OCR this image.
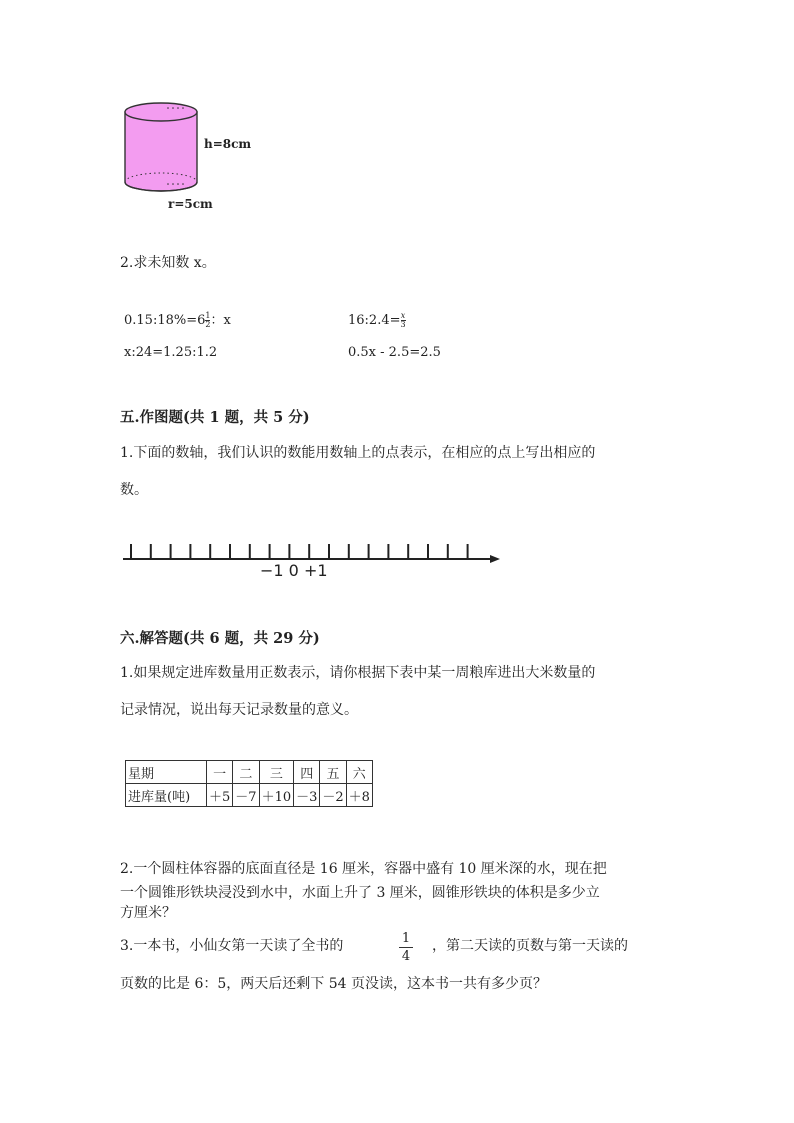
h=8cm
r=5cm
2.求未知数 x。
0.15:18%=6 $\frac{1}{2}$ ：x	16:2.4= $\frac{x}{3}$
x:24=1.25:1.2	0.5x - 2.5=2.5
五.作图题(共 1 题，共 5 分)
1.下面的数轴，我们认识的数能用数轴上的点表示，在相应的点上写出相应的
数。
−1 0 +1
六.解答题(共 6 题，共 29 分)
1.如果规定进库数量用正数表示，请你根据下表中某一周粮库进出大米数量的
记录情况，说出每天记录数量的意义。
星期	一	二	三	四	五	六
进库量(吨)	＋5	－7	＋10	－3	－2	＋8
2.一个圆柱体容器的底面直径是 16 厘米，容器中盛有 10 厘米深的水，现在把
一个圆锥形铁块浸没到水中，水面上升了 3 厘米，圆锥形铁块的体积是多少立
方厘米？
3.一本书，小仙女第一天读了全书的	$\frac{1}{4}$ ，第二天读的页数与第一天读的
页数的比是 6：5，两天后还剩下 54 页没读，这本书一共有多少页？
